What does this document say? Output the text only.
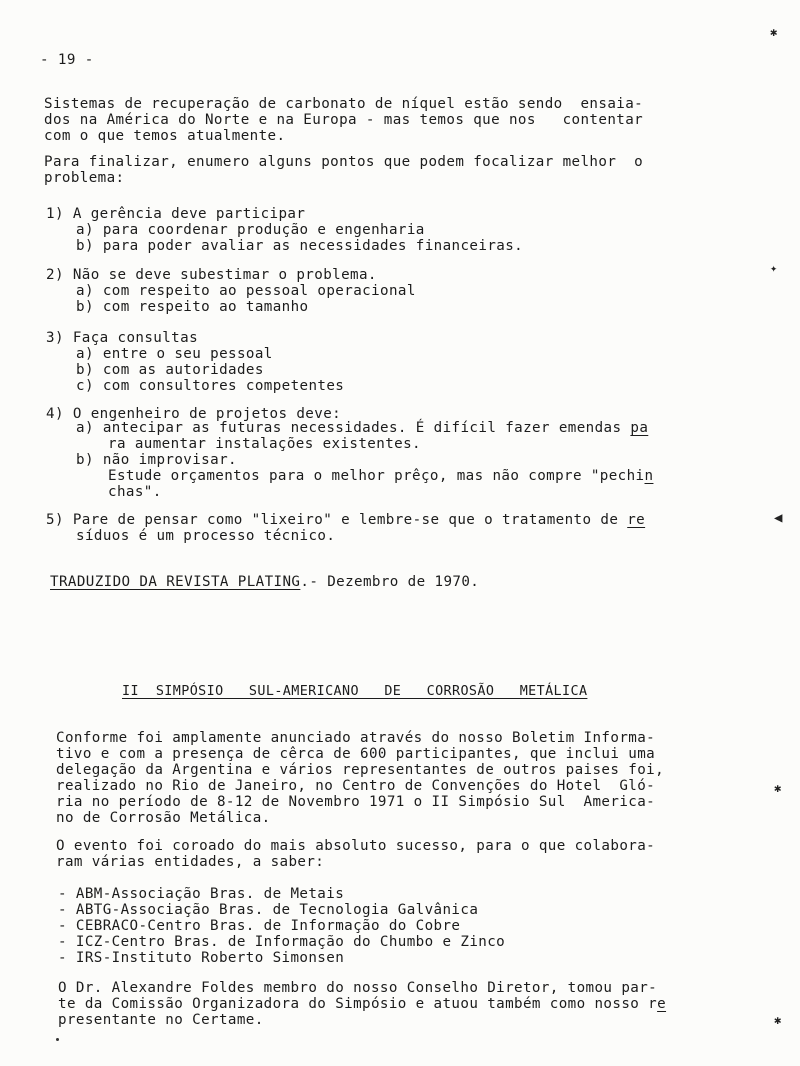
- 19 -
Sistemas de recuperação de carbonato de níquel estão sendo  ensaia-
dos na América do Norte e na Europa - mas temos que nos   contentar
com o que temos atualmente.
Para finalizar, enumero alguns pontos que podem focalizar melhor  o
problema:
1) A gerência deve participar
a) para coordenar produção e engenharia
b) para poder avaliar as necessidades financeiras.
2) Não se deve subestimar o problema.
a) com respeito ao pessoal operacional
b) com respeito ao tamanho
3) Faça consultas
a) entre o seu pessoal
b) com as autoridades
c) com consultores competentes
4) O engenheiro de projetos deve:
a) antecipar as futuras necessidades. É difícil fazer emendas pa
ra aumentar instalações existentes.
b) não improvisar.
Estude orçamentos para o melhor prêço, mas não compre "pechin
chas".
5) Pare de pensar como "lixeiro" e lembre-se que o tratamento de re
síduos é um processo técnico.
TRADUZIDO DA REVISTA PLATING.- Dezembro de 1970.
II  SIMPÓSIO   SUL-AMERICANO   DE   CORROSÃO   METÁLICA
Conforme foi amplamente anunciado através do nosso Boletim Informa-
tivo e com a presença de cêrca de 600 participantes, que inclui uma
delegação da Argentina e vários representantes de outros paises foi,
realizado no Rio de Janeiro, no Centro de Convenções do Hotel  Gló-
ria no período de 8-12 de Novembro 1971 o II Simpósio Sul  America-
no de Corrosão Metálica.
O evento foi coroado do mais absoluto sucesso, para o que colabora-
ram várias entidades, a saber:
- ABM-Associação Bras. de Metais
- ABTG-Associação Bras. de Tecnologia Galvânica
- CEBRACO-Centro Bras. de Informação do Cobre
- ICZ-Centro Bras. de Informação do Chumbo e Zinco
- IRS-Instituto Roberto Simonsen
O Dr. Alexandre Foldes membro do nosso Conselho Diretor, tomou par-
te da Comissão Organizadora do Simpósio e atuou também como nosso re
presentante no Certame.
✱
✦
◀
✱
✱
